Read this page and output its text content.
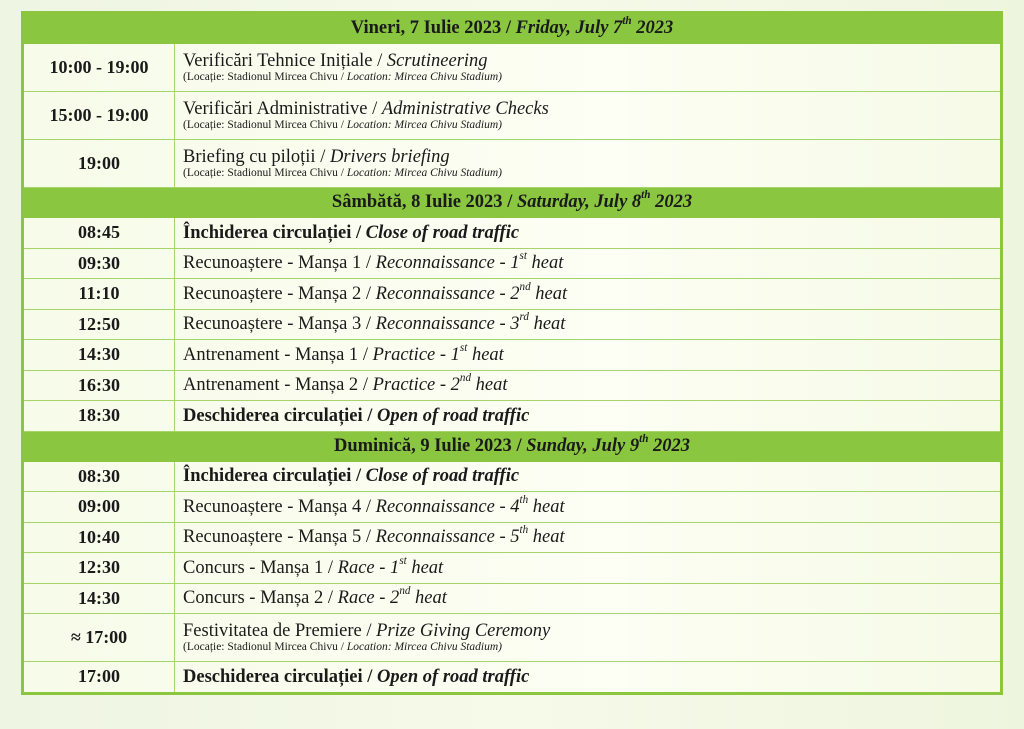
Vineri, 7 Iulie 2023 / Friday, July 7th 2023	
10:00 - 19:00	Verificări Tehnice Inițiale / Scrutineering
(Locație: Stadionul Mircea Chivu / Location: Mircea Chivu Stadium)

15:00 - 19:00	Verificări Administrative / Administrative Checks
(Locație: Stadionul Mircea Chivu / Location: Mircea Chivu Stadium)

19:00	Briefing cu piloții / Drivers briefing
(Locație: Stadionul Mircea Chivu / Location: Mircea Chivu Stadium)

Sâmbătă, 8 Iulie 2023 / Saturday, July 8th 2023	
08:45	Închiderea circulației / Close of road traffic
09:30	Recunoaștere - Manșa 1 / Reconnaissance - 1st heat
11:10	Recunoaștere - Manșa 2 / Reconnaissance - 2nd heat
12:50	Recunoaștere - Manșa 3 / Reconnaissance - 3rd heat
14:30	Antrenament - Manșa 1 / Practice - 1st heat
16:30	Antrenament - Manșa 2 / Practice - 2nd heat
18:30	Deschiderea circulației / Open of road traffic
Duminică, 9 Iulie 2023 / Sunday, July 9th 2023	
08:30	Închiderea circulației / Close of road traffic
09:00	Recunoaștere - Manșa 4 / Reconnaissance - 4th heat
10:40	Recunoaștere - Manșa 5 / Reconnaissance - 5th heat
12:30	Concurs - Manșa 1 / Race - 1st heat
14:30	Concurs - Manșa 2 / Race - 2nd heat
≈ 17:00	Festivitatea de Premiere / Prize Giving Ceremony
(Locație: Stadionul Mircea Chivu / Location: Mircea Chivu Stadium)

17:00	Deschiderea circulației / Open of road traffic
